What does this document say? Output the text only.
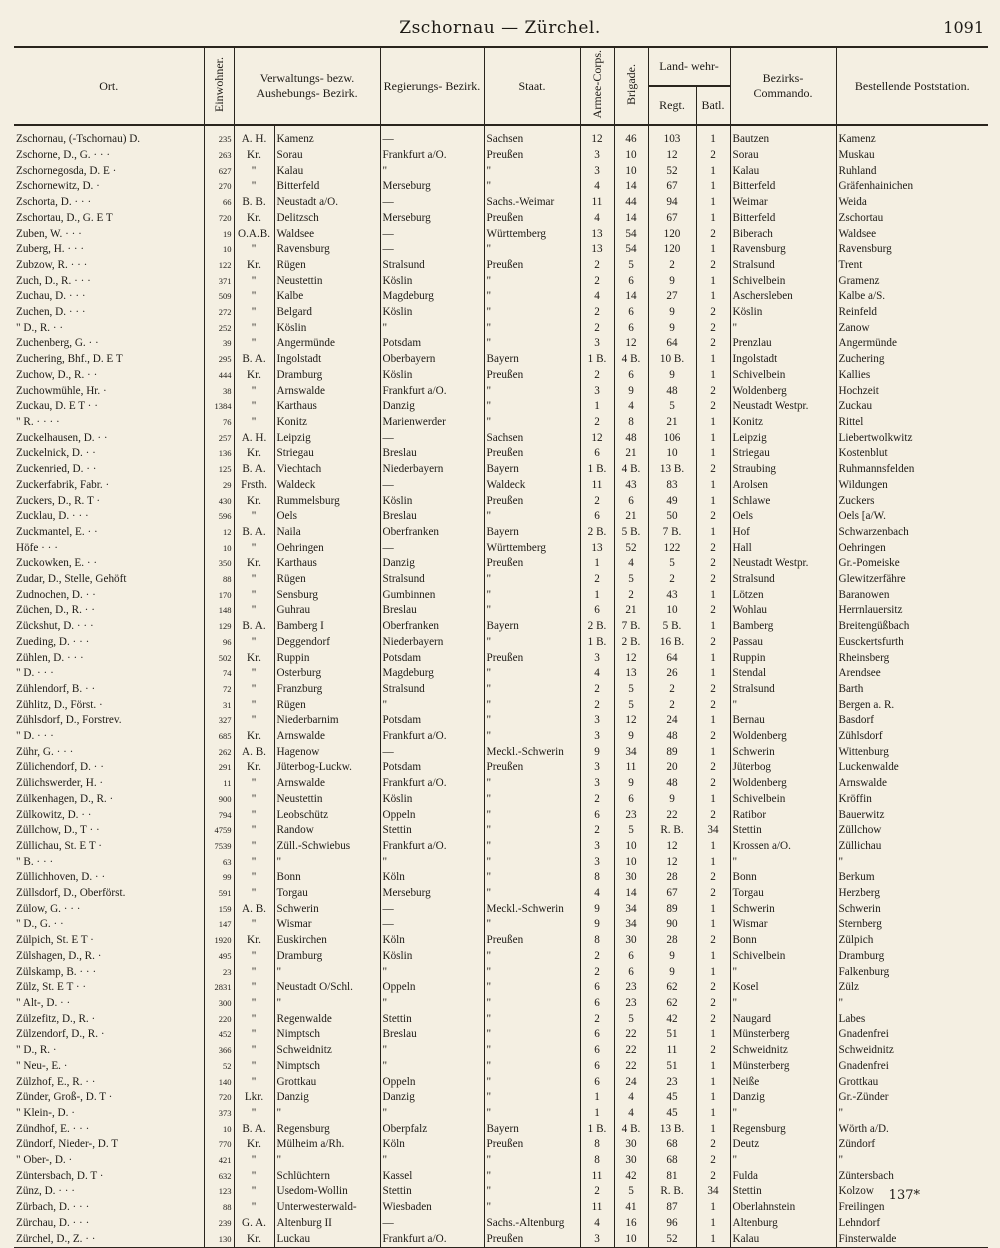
Zschornau — Zürchel.	1091
Ort.	Einwohner.	Verwaltungs- bezw. Aushebungs- Bezirk.		Regierungs- Bezirk.	Staat.	Armee-Corps.	Brigade.	Land- wehr-		Bezirks- Commando.	Bestellende Poststation.
								Regt.	Batl.		
Zschornau, (-Tschornau) D.	235	A. H.	Kamenz	—	Sachsen	12	46	103	1	Bautzen	Kamenz
Zschorne, D., G. · · ·	263	Kr.	Sorau	Frankfurt a/O.	Preußen	3	10	12	2	Sorau	Muskau
Zschornegosda, D. E ·	627	"	Kalau	"	"	3	10	52	1	Kalau	Ruhland
Zschornewitz, D. ·	270	"	Bitterfeld	Merseburg	"	4	14	67	1	Bitterfeld	Gräfenhainichen
Zschorta, D. · · ·	66	B. B.	Neustadt a/O.	—	Sachs.-Weimar	11	44	94	1	Weimar	Weida
Zschortau, D., G. E T	720	Kr.	Delitzsch	Merseburg	Preußen	4	14	67	1	Bitterfeld	Zschortau
Zuben, W. · · ·	19	O.A.B.	Waldsee	—	Württemberg	13	54	120	2	Biberach	Waldsee
Zuberg, H. · · ·	10	"	Ravensburg	—	"	13	54	120	1	Ravensburg	Ravensburg
Zubzow, R. · · ·	122	Kr.	Rügen	Stralsund	Preußen	2	5	2	2	Stralsund	Trent
Zuch, D., R. · · ·	371	"	Neustettin	Köslin	"	2	6	9	1	Schivelbein	Gramenz
Zuchau, D. · · ·	509	"	Kalbe	Magdeburg	"	4	14	27	1	Aschersleben	Kalbe a/S.
Zuchen, D. · · ·	272	"	Belgard	Köslin	"	2	6	9	2	Köslin	Reinfeld
" D., R. · ·	252	"	Köslin	"	"	2	6	9	2	"	Zanow
Zuchenberg, G. · ·	39	"	Angermünde	Potsdam	"	3	12	64	2	Prenzlau	Angermünde
Zuchering, Bhf., D. E T	295	B. A.	Ingolstadt	Oberbayern	Bayern	1 B.	4 B.	10 B.	1	Ingolstadt	Zuchering
Zuchow, D., R. · ·	444	Kr.	Dramburg	Köslin	Preußen	2	6	9	1	Schivelbein	Kallies
Zuchowmühle, Hr. ·	38	"	Arnswalde	Frankfurt a/O.	"	3	9	48	2	Woldenberg	Hochzeit
Zuckau, D. E T · ·	1384	"	Karthaus	Danzig	"	1	4	5	2	Neustadt Westpr.	Zuckau
" R. · · · ·	76	"	Konitz	Marienwerder	"	2	8	21	1	Konitz	Rittel
Zuckelhausen, D. · ·	257	A. H.	Leipzig	—	Sachsen	12	48	106	1	Leipzig	Liebertwolkwitz
Zuckelnick, D. · ·	136	Kr.	Striegau	Breslau	Preußen	6	21	10	1	Striegau	Kostenblut
Zuckenried, D. · ·	125	B. A.	Viechtach	Niederbayern	Bayern	1 B.	4 B.	13 B.	2	Straubing	Ruhmannsfelden
Zuckerfabrik, Fabr. ·	29	Frsth.	Waldeck	—	Waldeck	11	43	83	1	Arolsen	Wildungen
Zuckers, D., R. T ·	430	Kr.	Rummelsburg	Köslin	Preußen	2	6	49	1	Schlawe	Zuckers
Zucklau, D. · · ·	596	"	Oels	Breslau	"	6	21	50	2	Oels	Oels [a/W.
Zuckmantel, E. · ·	12	B. A.	Naila	Oberfranken	Bayern	2 B.	5 B.	7 B.	1	Hof	Schwarzenbach
Höfe · · ·	10	"	Oehringen	—	Württemberg	13	52	122	2	Hall	Oehringen
Zuckowken, E. · ·	350	Kr.	Karthaus	Danzig	Preußen	1	4	5	2	Neustadt Westpr.	Gr.-Pomeiske
Zudar, D., Stelle, Gehöft	88	"	Rügen	Stralsund	"	2	5	2	2	Stralsund	Glewitzerfähre
Zudnochen, D. · ·	170	"	Sensburg	Gumbinnen	"	1	2	43	1	Lötzen	Baranowen
Züchen, D., R. · ·	148	"	Guhrau	Breslau	"	6	21	10	2	Wohlau	Herrnlauersitz
Zückshut, D. · · ·	129	B. A.	Bamberg I	Oberfranken	Bayern	2 B.	7 B.	5 B.	1	Bamberg	Breitengüßbach
Zueding, D. · · ·	96	"	Deggendorf	Niederbayern	"	1 B.	2 B.	16 B.	2	Passau	Eusckertsfurth
Zühlen, D. · · ·	502	Kr.	Ruppin	Potsdam	Preußen	3	12	64	1	Ruppin	Rheinsberg
" D. · · ·	74	"	Osterburg	Magdeburg	"	4	13	26	1	Stendal	Arendsee
Zühlendorf, B. · ·	72	"	Franzburg	Stralsund	"	2	5	2	2	Stralsund	Barth
Zühlitz, D., Först. ·	31	"	Rügen	"	"	2	5	2	2	"	Bergen a. R.
Zühlsdorf, D., Forstrev.	327	"	Niederbarnim	Potsdam	"	3	12	24	1	Bernau	Basdorf
" D. · · ·	685	Kr.	Arnswalde	Frankfurt a/O.	"	3	9	48	2	Woldenberg	Zühlsdorf
Zühr, G. · · ·	262	A. B.	Hagenow	—	Meckl.-Schwerin	9	34	89	1	Schwerin	Wittenburg
Zülichendorf, D. · ·	291	Kr.	Jüterbog-Luckw.	Potsdam	Preußen	3	11	20	2	Jüterbog	Luckenwalde
Zülichswerder, H. ·	11	"	Arnswalde	Frankfurt a/O.	"	3	9	48	2	Woldenberg	Arnswalde
Zülkenhagen, D., R. ·	900	"	Neustettin	Köslin	"	2	6	9	1	Schivelbein	Kröffin
Zülkowitz, D. · ·	794	"	Leobschütz	Oppeln	"	6	23	22	2	Ratibor	Bauerwitz
Züllchow, D., T · ·	4759	"	Randow	Stettin	"	2	5	R. B.	34	Stettin	Züllchow
Züllichau, St. E T ·	7539	"	Züll.-Schwiebus	Frankfurt a/O.	"	3	10	12	1	Krossen a/O.	Züllichau
" B. · · ·	63	"	"	"	"	3	10	12	1	"	"
Züllichhoven, D. · ·	99	"	Bonn	Köln	"	8	30	28	2	Bonn	Berkum
Züllsdorf, D., Oberförst.	591	"	Torgau	Merseburg	"	4	14	67	2	Torgau	Herzberg
Zülow, G. · · ·	159	A. B.	Schwerin	—	Meckl.-Schwerin	9	34	89	1	Schwerin	Schwerin
" D., G. · ·	147	"	Wismar	—	"	9	34	90	1	Wismar	Sternberg
Zülpich, St. E T ·	1920	Kr.	Euskirchen	Köln	Preußen	8	30	28	2	Bonn	Zülpich
Zülshagen, D., R. ·	495	"	Dramburg	Köslin	"	2	6	9	1	Schivelbein	Dramburg
Zülskamp, B. · · ·	23	"	"	"	"	2	6	9	1	"	Falkenburg
Zülz, St. E T · ·	2831	"	Neustadt O/Schl.	Oppeln	"	6	23	62	2	Kosel	Zülz
" Alt-, D. · ·	300	"	"	"	"	6	23	62	2	"	"
Zülzefitz, D., R. ·	220	"	Regenwalde	Stettin	"	2	5	42	2	Naugard	Labes
Zülzendorf, D., R. ·	452	"	Nimptsch	Breslau	"	6	22	51	1	Münsterberg	Gnadenfrei
" D., R. ·	366	"	Schweidnitz	"	"	6	22	11	2	Schweidnitz	Schweidnitz
" Neu-, E. ·	52	"	Nimptsch	"	"	6	22	51	1	Münsterberg	Gnadenfrei
Zülzhof, E., R. · ·	140	"	Grottkau	Oppeln	"	6	24	23	1	Neiße	Grottkau
Zünder, Groß-, D. T ·	720	Lkr.	Danzig	Danzig	"	1	4	45	1	Danzig	Gr.-Zünder
" Klein-, D. ·	373	"	"	"	"	1	4	45	1	"	"
Zündhof, E. · · ·	10	B. A.	Regensburg	Oberpfalz	Bayern	1 B.	4 B.	13 B.	1	Regensburg	Wörth a/D.
Zündorf, Nieder-, D. T	770	Kr.	Mülheim a/Rh.	Köln	Preußen	8	30	68	2	Deutz	Zündorf
" Ober-, D. ·	421	"	"	"	"	8	30	68	2	"	"
Züntersbach, D. T ·	632	"	Schlüchtern	Kassel	"	11	42	81	2	Fulda	Züntersbach
Zünz, D. · · ·	123	"	Usedom-Wollin	Stettin	"	2	5	R. B.	34	Stettin	Kolzow
Zürbach, D. · · ·	88	"	Unterwesterwald-	Wiesbaden	"	11	41	87	1	Oberlahnstein	Freilingen
Zürchau, D. · · ·	239	G. A.	Altenburg II	—	Sachs.-Altenburg	4	16	96	1	Altenburg	Lehndorf
Zürchel, D., Z. · ·	130	Kr.	Luckau	Frankfurt a/O.	Preußen	3	10	52	1	Kalau	Finsterwalde
137*
